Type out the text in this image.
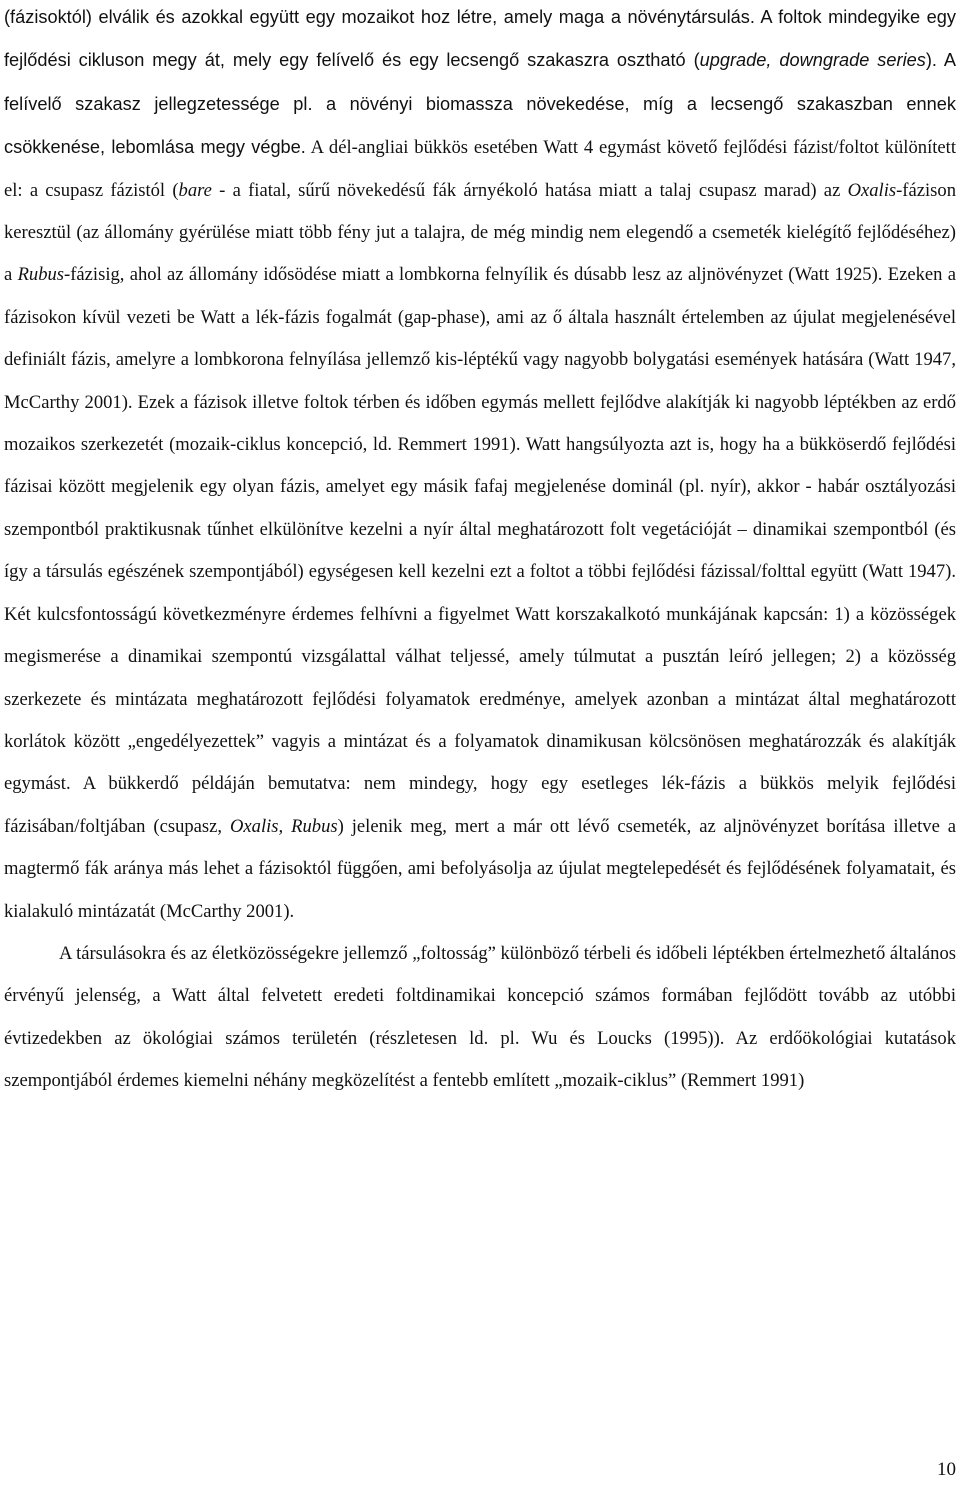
(fázisoktól) elválik és azokkal együtt egy mozaikot hoz létre, amely maga a növénytársulás. A foltok mindegyike egy fejlődési cikluson megy át, mely egy felívelő és egy lecsengő szakaszra osztható (upgrade, downgrade series). A felívelő szakasz jellegzetessége pl. a növényi biomassza növekedése, míg a lecsengő szakaszban ennek csökkenése, lebomlása megy végbe. A dél-angliai bükkös esetében Watt 4 egymást követő fejlődési fázist/foltot különített el: a csupasz fázistól (bare - a fiatal, sűrű növekedésű fák árnyékoló hatása miatt a talaj csupasz marad) az Oxalis-fázison keresztül (az állomány gyérülése miatt több fény jut a talajra, de még mindig nem elegendő a csemeték kielégítő fejlődéséhez) a Rubus-fázisig, ahol az állomány idősödése miatt a lombkorna felnyílik és dúsabb lesz az aljnövényzet (Watt 1925). Ezeken a fázisokon kívül vezeti be Watt a lék-fázis fogalmát (gap-phase), ami az ő általa használt értelemben az újulat megjelenésével definiált fázis, amelyre a lombkorona felnyílása jellemző kis-léptékű vagy nagyobb bolygatási események hatására (Watt 1947, McCarthy 2001). Ezek a fázisok illetve foltok térben és időben egymás mellett fejlődve alakítják ki nagyobb léptékben az erdő mozaikos szerkezetét (mozaik-ciklus koncepció, ld. Remmert 1991). Watt hangsúlyozta azt is, hogy ha a bükköserdő fejlődési fázisai között megjelenik egy olyan fázis, amelyet egy másik fafaj megjelenése dominál (pl. nyír), akkor - habár osztályozási szempontból praktikusnak tűnhet elkülönítve kezelni a nyír által meghatározott folt vegetációját – dinamikai szempontból (és így a társulás egészének szempontjából) egységesen kell kezelni ezt a foltot a többi fejlődési fázissal/folttal együtt (Watt 1947). Két kulcsfontosságú következményre érdemes felhívni a figyelmet Watt korszakalkotó munkájának kapcsán: 1) a közösségek megismerése a dinamikai szempontú vizsgálattal válhat teljessé, amely túlmutat a pusztán leíró jellegen; 2) a közösség szerkezete és mintázata meghatározott fejlődési folyamatok eredménye, amelyek azonban a mintázat által meghatározott korlátok között „engedélyezettek” vagyis a mintázat és a folyamatok dinamikusan kölcsönösen meghatározzák és alakítják egymást. A bükkerdő példáján bemutatva: nem mindegy, hogy egy esetleges lék-fázis a bükkös melyik fejlődési fázisában/foltjában (csupasz, Oxalis, Rubus) jelenik meg, mert a már ott lévő csemeték, az aljnövényzet borítása illetve a magtermő fák aránya más lehet a fázisoktól függően, ami befolyásolja az újulat megtelepedését és fejlődésének folyamatait, és kialakuló mintázatát (McCarthy 2001).

A társulásokra és az életközösségekre jellemző „foltosság” különböző térbeli és időbeli léptékben értelmezhető általános érvényű jelenség, a Watt által felvetett eredeti foltdinamikai koncepció számos formában fejlődött tovább az utóbbi évtizedekben az ökológiai számos területén (részletesen ld. pl. Wu és Loucks (1995)). Az erdőökológiai kutatások szempontjából érdemes kiemelni néhány megközelítést a fentebb említett „mozaik-ciklus” (Remmert 1991)

10
